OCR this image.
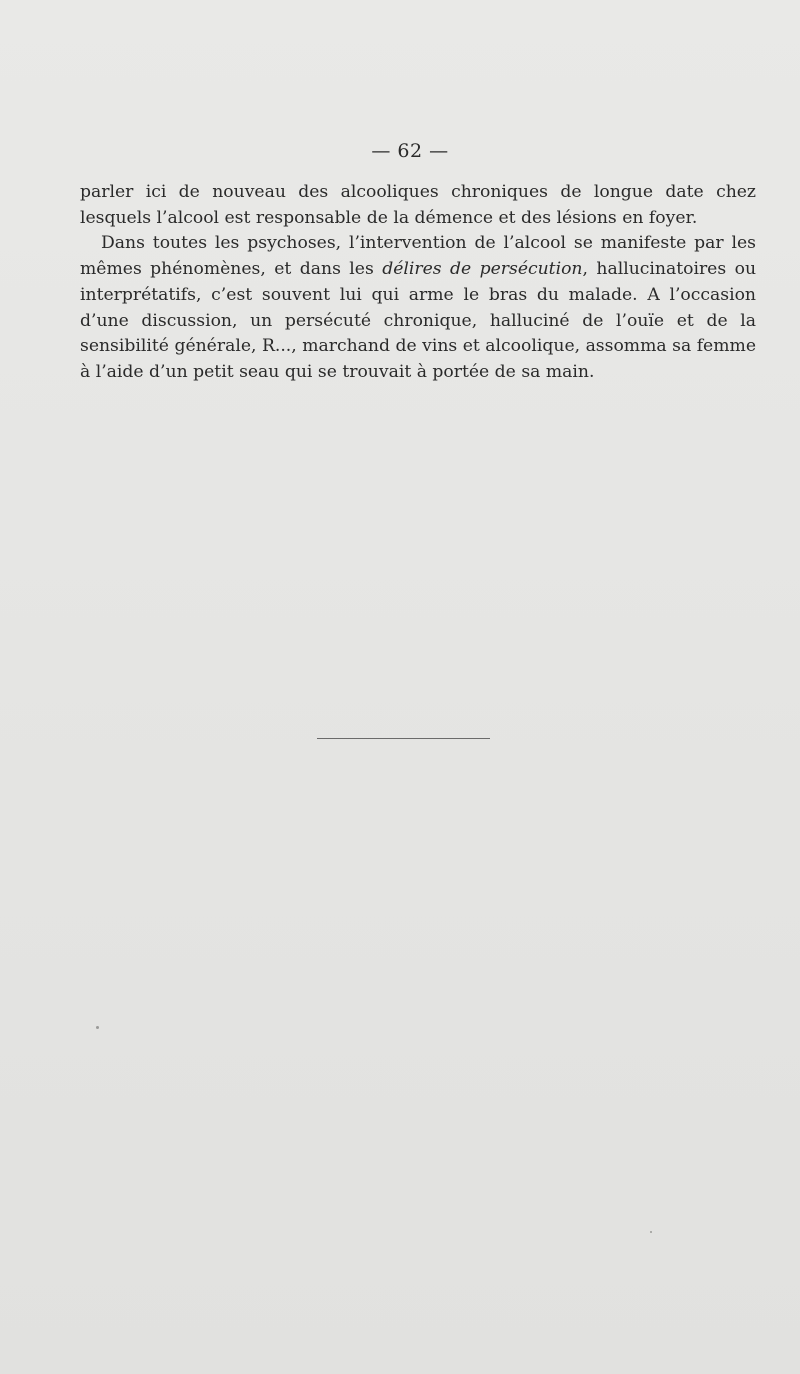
— 62 —

parler ici de nouveau des alcooliques chroniques de longue date chez lesquels l’alcool est responsable de la démence et des lésions en foyer.

Dans toutes les psychoses, l’intervention de l’alcool se manifeste par les mêmes phénomènes, et dans les délires de persécution, hallucinatoires ou interprétatifs, c’est souvent lui qui arme le bras du malade. A l’occasion d’une discussion, un persécuté chronique, halluciné de l’ouïe et de la sensibilité générale, R..., marchand de vins et alcoolique, assomma sa femme à l’aide d’un petit seau qui se trouvait à portée de sa main.
